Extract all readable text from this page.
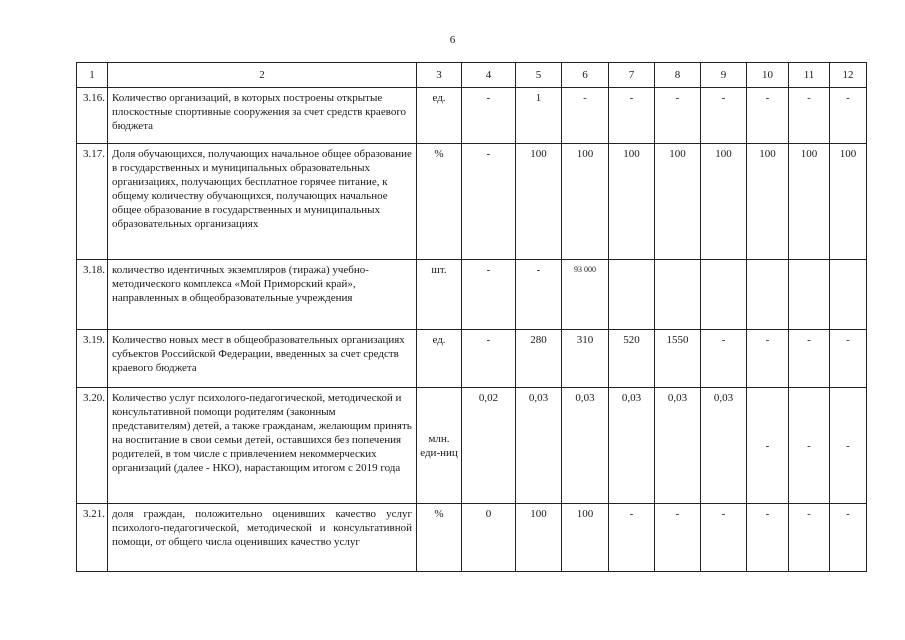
6
1	2	3	4	5	6	7	8	9	10	11	12
3.16.	Количество организаций, в которых построены открытые плоскостные спортивные сооружения за счет средств краевого бюджета	ед.	-	1	-	-	-	-	-	-	-
3.17.	Доля обучающихся, получающих начальное общее образование в государственных и муниципальных образовательных организациях, получающих бесплатное горячее питание, к общему количеству обучающихся, получающих начальное общее образование в государственных и муниципальных образовательных организациях	%	-	100	100	100	100	100	100	100	100
3.18.	количество идентичных экземпляров (тиража) учебно-методического комплекса «Мой Приморский край», направленных в общеобразовательные учреждения	шт.	-	-	93 000						
3.19.	Количество новых мест в общеобразовательных организациях субъектов Российской Федерации, введенных за счет средств краевого бюджета	ед.	-	280	310	520	1550	-	-	-	-
3.20.	Количество услуг психолого-педагогической, методической и консультативной помощи родителям (законным представителям) детей, а также гражданам, желающим принять на воспитание в свои семьи детей, оставшихся без попечения родителей, в том числе с привлечением некоммерческих организаций (далее - НКО), нарастающим итогом с 2019 года	млн. еди-ниц	0,02	0,03	0,03	0,03	0,03	0,03	-	-	-
3.21.	доля граждан, положительно оценивших качество услуг психолого-педагогической, методической и консультативной помощи, от общего числа оценивших качество услуг	%	0	100	100	-	-	-	-	-	-
